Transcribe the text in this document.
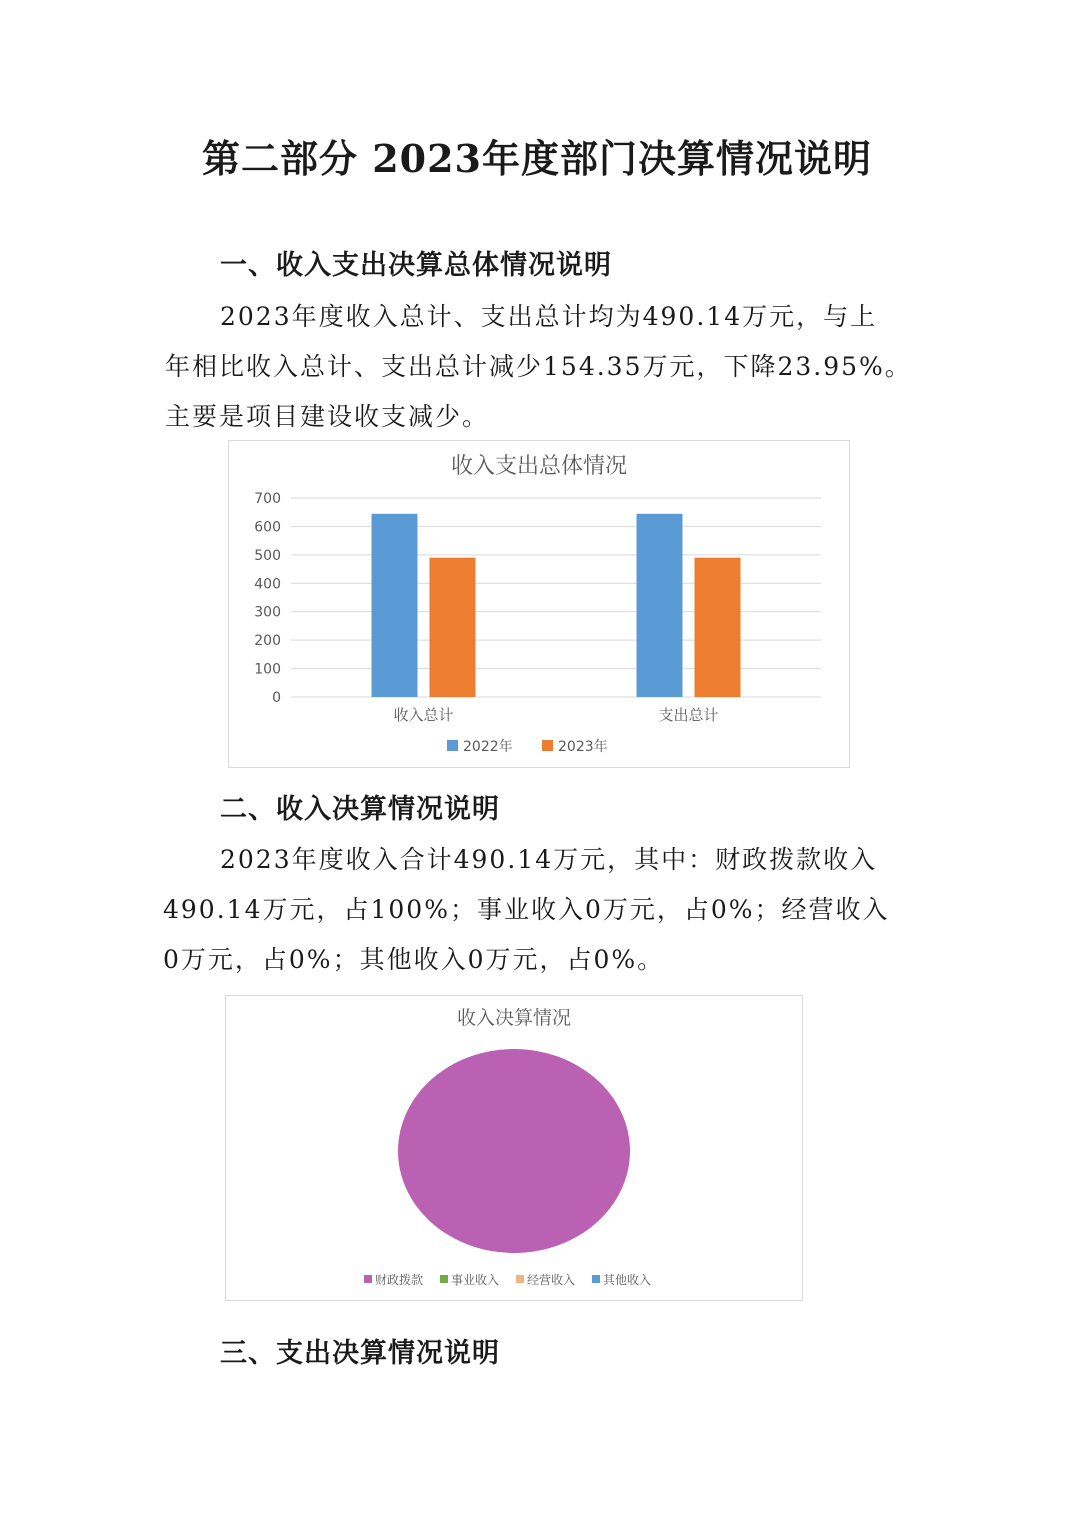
第二部分 2023年度部门决算情况说明
一、收入支出决算总体情况说明
2023年度收入总计、支出总计均为490.14万元，与上
年相比收入总计、支出总计减少154.35万元，下降23.95%。
主要是项目建设收支减少。
收入支出总体情况
0
100
200
300
400
500
600
700
收入总计	支出总计
2022年	2023年
二、收入决算情况说明
2023年度收入合计490.14万元，其中：财政拨款收入
490.14万元，占100%；事业收入0万元，占0%；经营收入
0万元，占0%；其他收入0万元，占0%。
收入决算情况
财政拨款 事业收入 经营收入 其他收入
三、支出决算情况说明
